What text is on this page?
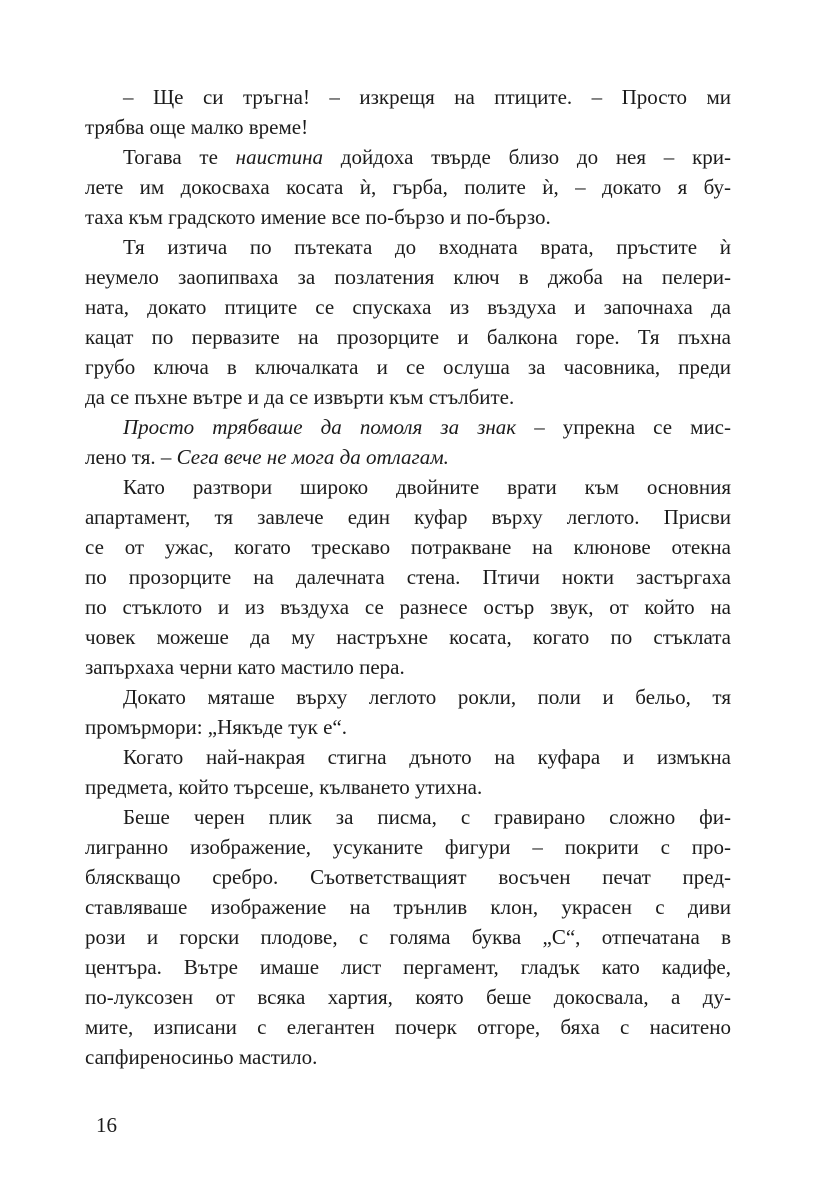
– Ще си тръгна! – изкрещя на птиците. – Просто ми
трябва още малко време!
Тогава те наистина дойдоха твърде близо до нея – кри-
лете им докосваха косата ѝ, гърба, полите ѝ, – докато я бу-
таха към градското имение все по-бързо и по-бързо.
Тя изтича по пътеката до входната врата, пръстите ѝ
неумело заопипваха за позлатения ключ в джоба на пелери-
ната, докато птиците се спускаха из въздуха и започнаха да
кацат по первазите на прозорците и балкона горе. Тя пъхна
грубо ключа в ключалката и се ослуша за часовника, преди
да се пъхне вътре и да се извърти към стълбите.
Просто трябваше да помоля за знак – упрекна се мис-
лено тя. – Сега вече не мога да отлагам.
Като разтвори широко двойните врати към основния
апартамент, тя завлече един куфар върху леглото. Присви
се от ужас, когато трескаво потракване на клюнове отекна
по прозорците на далечната стена. Птичи нокти застъргаха
по стъклото и из въздуха се разнесе остър звук, от който на
човек можеше да му настръхне косата, когато по стъклата
запърхаха черни като мастило пера.
Докато мяташе върху леглото рокли, поли и бельо, тя
промърмори: „Някъде тук е“.
Когато най-накрая стигна дъното на куфара и измъкна
предмета, който търсеше, кълването утихна.
Беше черен плик за писма, с гравирано сложно фи-
лигранно изображение, усуканите фигури – покрити с про-
бляскващо сребро. Съответстващият восъчен печат пред-
ставляваше изображение на трънлив клон, украсен с диви
рози и горски плодове, с голяма буква „С“, отпечатана в
центъра. Вътре имаше лист пергамент, гладък като кадифе,
по-луксозен от всяка хартия, която беше докосвала, а ду-
мите, изписани с елегантен почерк отгоре, бяха с наситено
сапфиреносиньо мастило.
16
